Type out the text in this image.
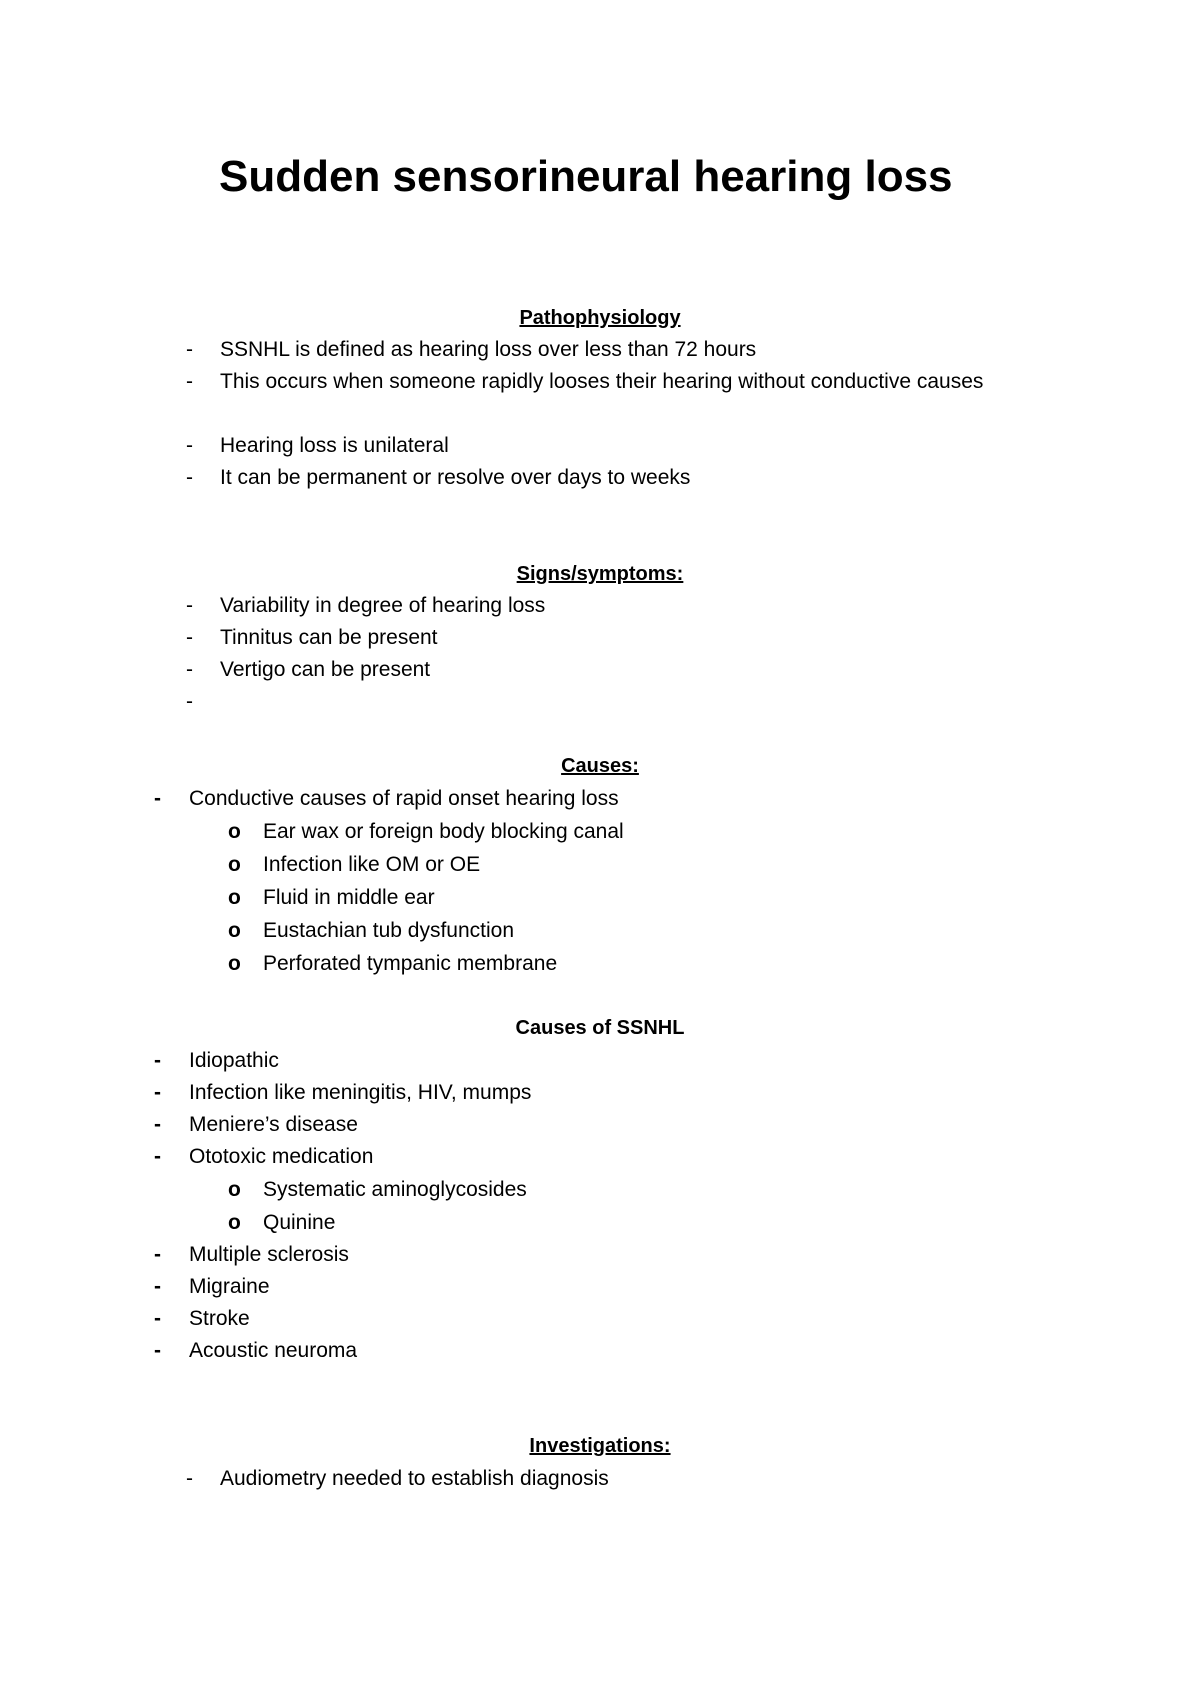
Sudden sensorineural hearing loss
Pathophysiology
- SSNHL is defined as hearing loss over less than 72 hours
- This occurs when someone rapidly looses their hearing without conductive causes
- Hearing loss is unilateral
- It can be permanent or resolve over days to weeks
Signs/symptoms:
- Variability in degree of hearing loss
- Tinnitus can be present
- Vertigo can be present
-
Causes:
- Conductive causes of rapid onset hearing loss
o Ear wax or foreign body blocking canal
o Infection like OM or OE
o Fluid in middle ear
o Eustachian tub dysfunction
o Perforated tympanic membrane
Causes of SSNHL
- Idiopathic
- Infection like meningitis, HIV, mumps
- Meniere’s disease
- Ototoxic medication
o Systematic aminoglycosides
o Quinine
- Multiple sclerosis
- Migraine
- Stroke
- Acoustic neuroma
Investigations:
- Audiometry needed to establish diagnosis
